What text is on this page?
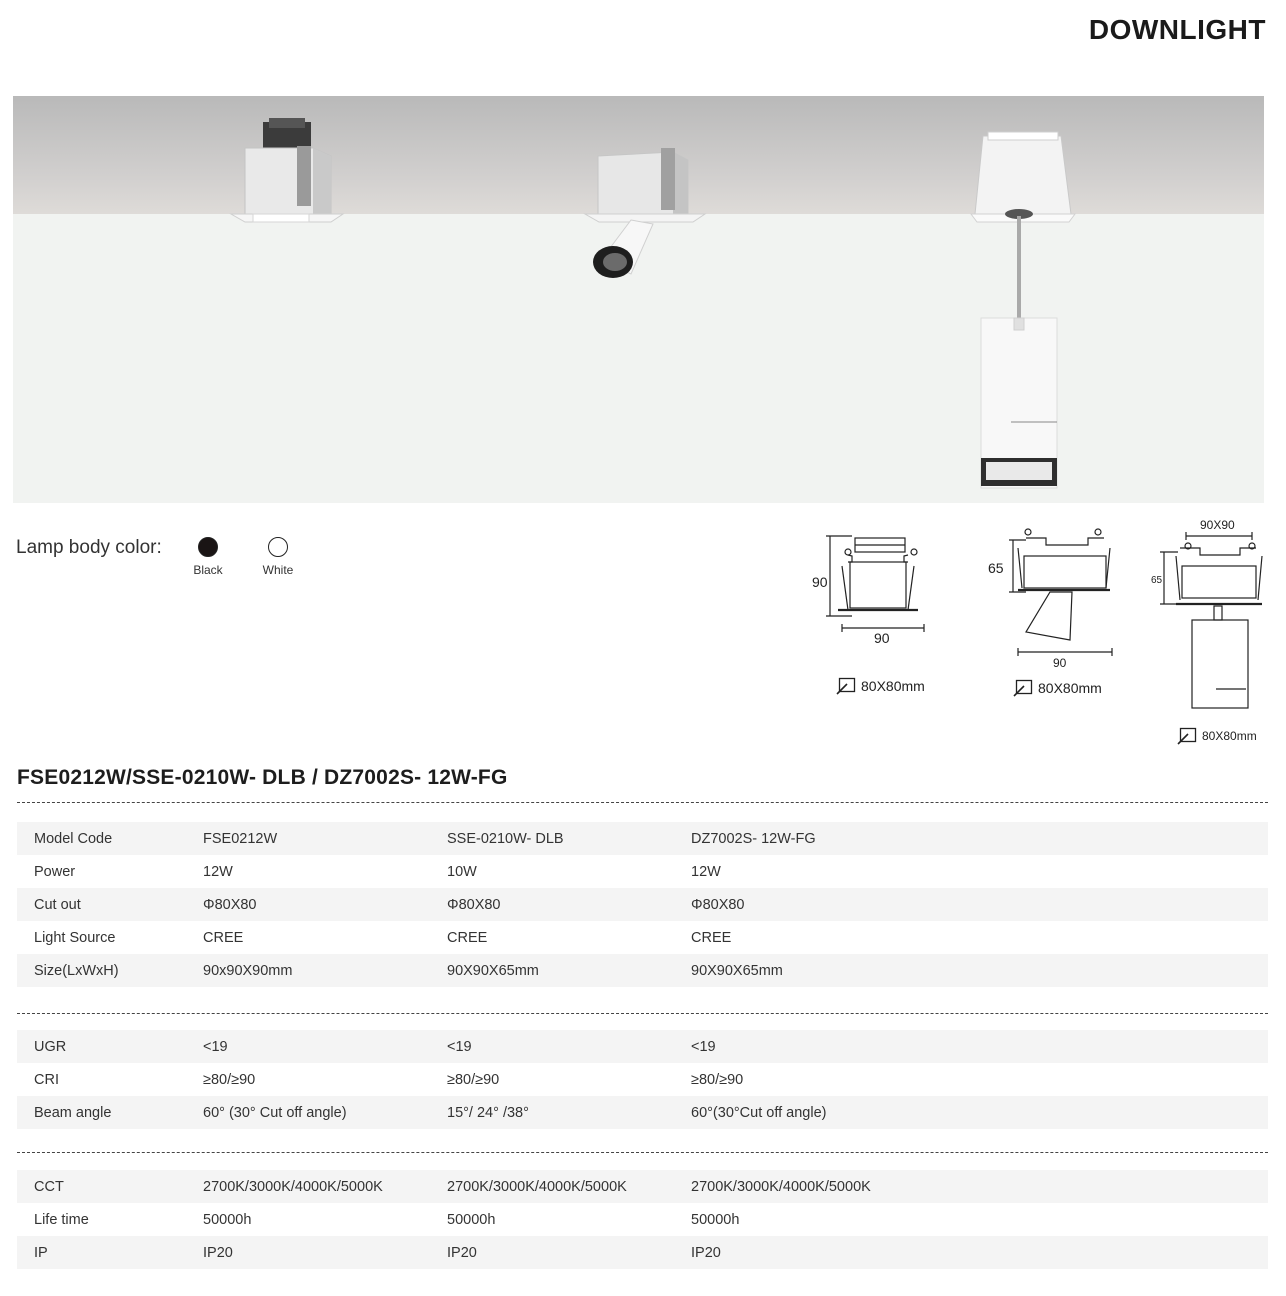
DOWNLIGHT
Lamp body color:
Black	White
90
90
65
90
90X90
65
80X80mm	80X80mm
80X80mm
FSE0212W/SSE-0210W- DLB / DZ7002S- 12W-FG
Model Code	FSE0212W	SSE-0210W- DLB	DZ7002S- 12W-FG
Power	12W	10W	12W
Cut out	Φ80X80	Φ80X80	Φ80X80
Light Source	CREE	CREE	CREE
Size(LxWxH)	90x90X90mm	90X90X65mm	90X90X65mm
UGR	<19	<19	<19
CRI	≥80/≥90	≥80/≥90	≥80/≥90
Beam angle	60° (30° Cut off angle)	15°/ 24° /38°	60°(30°Cut off angle)
CCT	2700K/3000K/4000K/5000K	2700K/3000K/4000K/5000K	2700K/3000K/4000K/5000K
Life time	50000h	50000h	50000h
IP	IP20	IP20	IP20
